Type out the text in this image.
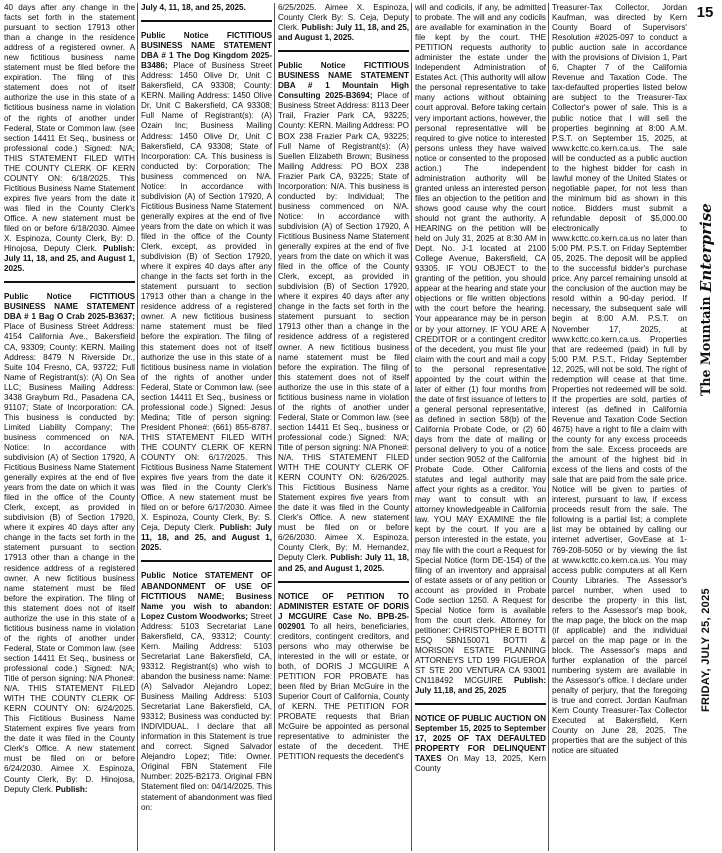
40 days after any change in the facts set forth in the statement pursuant to section 17913 other than a change in the residence address of a registered owner. A new fictitious business name statement must be filed before the expiration. The filing of this statement does not of itself authorize the use in this state of a fictitious business name in violation of the rights of another under Federal, State or Common law. (see section 14411 Et Seq., business or professional code.) Signed: N/A; THIS STATEMENT FILED WITH THE COUNTY CLERK OF KERN COUNTY ON: 6/18/2025. This Fictitious Business Name Statement expires five years from the date it was filed in the County Clerk's Office. A new statement must be filed on or before 6/18/2030. Aimee X. Espinoza, County Clerk, By: D. Hinojosa, Deputy Clerk. Publish: July 11, 18, and 25, and August 1, 2025.

Public Notice FICTITIOUS BUSINESS NAME STATEMENT DBA # 1 Bag O Crab 2025-B3637; Place of Business Street Address: 4154 California Ave., Bakersfield CA, 93309; County: KERN. Mailing Address: 8479 N Riverside Dr., Suite 104 Fresno, CA, 93722; Full Name of Registrant(s): (A) On Sea LLC; Business Mailing Address: 3438 Grayburn Rd., Pasadena CA, 91107; State of Incorporation: CA. This business is conducted by: Limited Liability Company; The business commenced on N/A. Notice: In accordance with subdivision (A) of Section 17920, A Fictitious Business Name Statement generally expires at the end of five years from the date on which it was filed in the office of the County Clerk, except, as provided in subdivision (B) of Section 17920, where it expires 40 days after any change in the facts set forth in the statement pursuant to section 17913 other than a change in the residence address of a registered owner. A new fictitious business name statement must be filed before the expiration. The filing of this statement does not of itself authorize the use in this state of a fictitious business name in violation of the rights of another under Federal, State or Common law. (see section 14411 Et Seq., business or professional code.) Signed: N/A; Title of person signing: N/A Phone#: N/A. THIS STATEMENT FILED WITH THE COUNTY CLERK OF KERN COUNTY ON: 6/24/2025. This Fictitious Business Name Statement expires five years from the date it was filed in the County Clerk's Office. A new statement must be filed on or before 6/24/2030. Aimee X. Espinoza, County Clerk, By: D. Hinojosa, Deputy Clerk. Publish:

July 4, 11, 18, and 25, 2025.

Public Notice FICTITIOUS BUSINESS NAME STATEMENT DBA # 1 The Dog Kingdom 2025-B3486; Place of Business Street Address: 1450 Olive Dr, Unit C Bakersfield, CA 93308; County: KERN. Mailing Address: 1450 Olive Dr, Unit C Bakersfield, CA 93308; Full Name of Registrant(s): (A) Ozain Inc; Business Mailing Address: 1450 Olive Dr, Unit C Bakersfield, CA 93308; State of Incorporation: CA. This business is conducted by: Corporation; The business commenced on N/A. Notice: In accordance with subdivision (A) of Section 17920, A Fictitious Business Name Statement generally expires at the end of five years from the date on which it was filed in the office of the County Clerk, except, as provided in subdivision (B) of Section 17920, where it expires 40 days after any change in the facts set forth in the statement pursuant to section 17913 other than a change in the residence address of a registered owner. A new fictitious business name statement must be filed before the expiration. The filing of this statement does not of itself authorize the use in this state of a fictitious business name in violation of the rights of another under Federal, State or Common law. (see section 14411 Et Seq., business or professional code.) Signed: Jesus Medina; Title of person signing: President Phone#: (661) 855-8787. THIS STATEMENT FILED WITH THE COUNTY CLERK OF KERN COUNTY ON: 6/17/2025. This Fictitious Business Name Statement expires five years from the date it was filed in the County Clerk's Office. A new statement must be filed on or before 6/17/2030. Aimee X. Espinoza, County Clerk, By: S. Ceja, Deputy Clerk. Publish: July 11, 18, and 25, and August 1, 2025.

Public Notice STATEMENT OF ABANDONMENT OF USE OF FICTITIOUS NAME; Business Name you wish to abandon: Lopez Custom Woodworks; Street Address: 5103 Secretariat Lane Bakersfield, CA, 93312; County: Kern. Mailing Address: 5103 Secretariat Lane Bakersfield, CA, 93312. Registrant(s) who wish to abandon the business name: Name: (A) Salvador Alejandro Lopez; Business Mailing Address: 5103 Secretariat Lane Bakersfield, CA, 93312; Business was conducted by: INDIVIDUAL. I declare that all information in this Statement is true and correct. Signed Salvador Alejandro Lopez; Title: Owner. Original FBN Statement File Number: 2025-B2173. Original FBN Statement filed on: 04/14/2025. This statement of abandonment was filed on:

6/25/2025. Aimee X. Espinoza, County Clerk By: S. Ceja, Deputy Clerk. Publish: July 11, 18, and 25, and August 1, 2025.

Public Notice FICTITIOUS BUSINESS NAME STATEMENT DBA # 1 Mountain High Consulting 2025-B3694; Place of Business Street Address: 8113 Deer Trail, Frazier Park CA, 93225; County: KERN. Mailing Address: PO BOX 238 Frazier Park CA, 93225; Full Name of Registrant(s): (A) Suellen Elizabeth Brown; Business Mailing Address: PO BOX 238 Frazier Park CA, 93225; State of Incorporation: N/A. This business is conducted by: Individual; The business commenced on N/A. Notice: In accordance with subdivision (A) of Section 17920, A Fictitious Business Name Statement generally expires at the end of five years from the date on which it was filed in the office of the County Clerk, except, as provided in subdivision (B) of Section 17920, where it expires 40 days after any change in the facts set forth in the statement pursuant to section 17913 other than a change in the residence address of a registered owner. A new fictitious business name statement must be filed before the expiration. The filing of this statement does not of itself authorize the use in this state of a fictitious business name in violation of the rights of another under Federal, State or Common law. (see section 14411 Et Seq., business or professional code.) Signed: N/A; Title of person signing: N/A Phone#: N/A. THIS STATEMENT FILED WITH THE COUNTY CLERK OF KERN COUNTY ON: 6/26/2025. This Fictitious Business Name Statement expires five years from the date it was filed in the County Clerk's Office. A new statement must be filed on or before 6/26/2030. Aimee X. Espinoza, County Clerk, By: M. Hernandez, Deputy Clerk. Publish: July 11, 18, and 25, and August 1, 2025.

NOTICE OF PETITION TO ADMINISTER ESTATE OF DORIS J MCGUIRE Case No. BPB-25-002901 To all heirs, beneficiaries, creditors, contingent creditors, and persons who may otherwise be interested in the will or estate, or both, of DORIS J MCGUIRE A PETITION FOR PROBATE has been filed by Brian McGuire in the Superior Court of California, County of KERN. THE PETITION FOR PROBATE requests that Brian McGuire be appointed as personal representative to administer the estate of the decedent. THE PETITION requests the decedent's

will and codicils, if any, be admitted to probate. The will and any codicils are available for examination in the file kept by the court. THE PETITION requests authority to administer the estate under the Independent Administration of Estates Act. (This authority will allow the personal representative to take many actions without obtaining court approval. Before taking certain very important actions, however, the personal representative will be required to give notice to interested persons unless they have waived notice or consented to the proposed action.) The independent administration authority will be granted unless an interested person files an objection to the petition and shows good cause why the court should not grant the authority. A HEARING on the petition will be held on July 31, 2025 at 8:30 AM in Dept. No. J-1 located at 2100 College Avenue, Bakersfield, CA 93305. IF YOU OBJECT to the granting of the petition, you should appear at the hearing and state your objections or file written objections with the court before the hearing. Your appearance may be in person or by your attorney. IF YOU ARE A CREDITOR or a contingent creditor of the decedent, you must file your claim with the court and mail a copy to the personal representative appointed by the court within the later of either (1) four months from the date of first issuance of letters to a general personal representative, as defined in section 58(b) of the California Probate Code, or (2) 60 days from the date of mailing or personal delivery to you of a notice under section 9052 of the California Probate Code. Other California statutes and legal authority may affect your rights as a creditor. You may want to consult with an attorney knowledgeable in California law. YOU MAY EXAMINE the file kept by the court. If you are a person interested in the estate, you may file with the court a Request for Special Notice (form DE-154) of the filing of an inventory and appraisal of estate assets or of any petition or account as provided in Probate Code section 1250. A Request for Special Notice form is available from the court clerk. Attorney for petitioner: CHRISTOPHER E BOTTI ESQ SBN150071 BOTTI & MORISON ESTATE PLANNING ATTORNEYS LTD 199 FIGUEROA ST STE 200 VENTURA CA 93001 CN118492 MCGUIRE Publish: July 11,18, and 25, 2025

NOTICE OF PUBLIC AUCTION ON September 15, 2025 to September 17, 2025 OF TAX DEFAULTED PROPERTY FOR DELINQUENT TAXES On May 13, 2025, Kern County

Treasurer-Tax Collector, Jordan Kaufman, was directed by Kern County Board of Supervisors' Resolution #2025-097 to conduct a public auction sale in accordance with the provisions of Division 1, Part 6, Chapter 7 of the California Revenue and Taxation Code. The tax-defaulted properties listed below are subject to the Treasurer-Tax Collector's power of sale. This is a public notice that I will sell the properties beginning at 8:00 A.M. P.S.T. on September 15, 2025, at www.kcttc.co.kern.ca.us. The sale will be conducted as a public auction to the highest bidder for cash in lawful money of the United States or negotiable paper, for not less than the minimum bid as shown in this notice. Bidders must submit a refundable deposit of $5,000.00 electronically to www.kcttc.co.kern.ca.us no later than 5:00 PM. P.S.T. on Friday September 05, 2025. The deposit will be applied to the successful bidder's purchase price. Any parcel remaining unsold at the conclusion of the auction may be resold within a 90-day period. If necessary, the subsequent sale will begin at 8:00 A.M. P.S.T. on November 17, 2025, at www.kcttc.co.kern.ca.us. Properties that are redeemed (paid) in full by 5:00 P.M. P.S.T., Friday September 12, 2025, will not be sold. The right of redemption will cease at that time. Properties not redeemed will be sold. If the properties are sold, parties of interest (as defined in California Revenue and Taxation Code Section 4675) have a right to file a claim with the county for any excess proceeds from the sale. Excess proceeds are the amount of the highest bid in excess of the liens and costs of the sale that are paid from the sale price. Notice will be given to parties of interest, pursuant to law, if excess proceeds result from the sale. The following is a partial list; a complete list may be obtained by calling our internet advertiser, GovEase at 1-769-208-5050 or by viewing the list at www.kcttc.co.kern.ca.us. You may access public computers at all Kern County Libraries. The Assessor's parcel number, when used to describe the property in this list, refers to the Assessor's map book, the map page, the block on the map (if applicable) and the individual parcel on the map page or in the block. The Assessor's maps and further explanation of the parcel numbering system are available in the Assessor's office. I declare under penalty of perjury, that the foregoing is true and correct. Jordan Kaufman Kern County Treasurer-Tax Collector Executed at Bakersfield, Kern County on June 28, 2025. The properties that are the subject of this notice are situated

15
The Mountain Enterprise
FRIDAY, JULY 25, 2025
